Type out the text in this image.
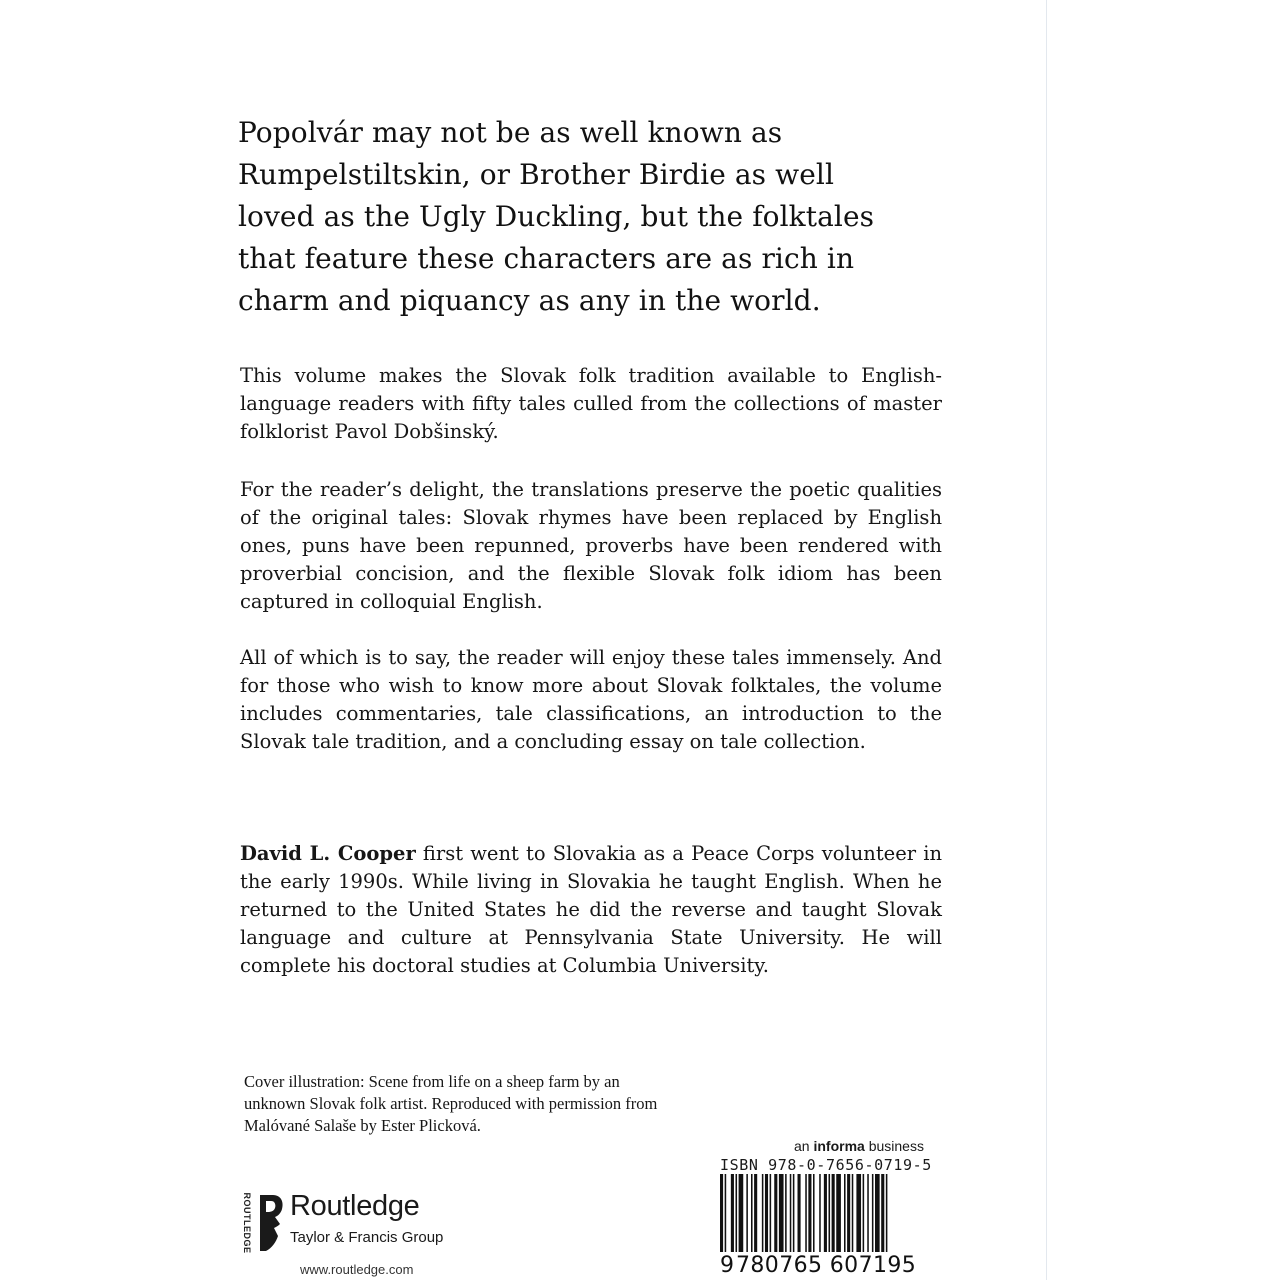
Popolvár may not be as well known as Rumpelstiltskin, or Brother Birdie as well loved as the Ugly Duckling, but the folktales that feature these characters are as rich in charm and piquancy as any in the world.

This volume makes the Slovak folk tradition available to English-language readers with fifty tales culled from the collections of master folklorist Pavol Dobšinský.

For the reader’s delight, the translations preserve the poetic qualities of the original tales: Slovak rhymes have been replaced by English ones, puns have been repunned, proverbs have been rendered with proverbial concision, and the flexible Slovak folk idiom has been captured in colloquial English.

All of which is to say, the reader will enjoy these tales immensely. And for those who wish to know more about Slovak folktales, the volume includes commentaries, tale classifications, an introduction to the Slovak tale tradition, and a concluding essay on tale collection.

David L. Cooper first went to Slovakia as a Peace Corps volunteer in the early 1990s. While living in Slovakia he taught English. When he returned to the United States he did the reverse and taught Slovak language and culture at Pennsylvania State University. He will complete his doctoral studies at Columbia University.

Cover illustration: Scene from life on a sheep farm by an unknown Slovak folk artist. Reproduced with permission from Malóvané Salaše by Ester Plicková.

ROUTLEDGE Routledge
Taylor & Francis Group
www.routledge.com
an informa business
ISBN 978-0-7656-0719-5
9780765 607195
